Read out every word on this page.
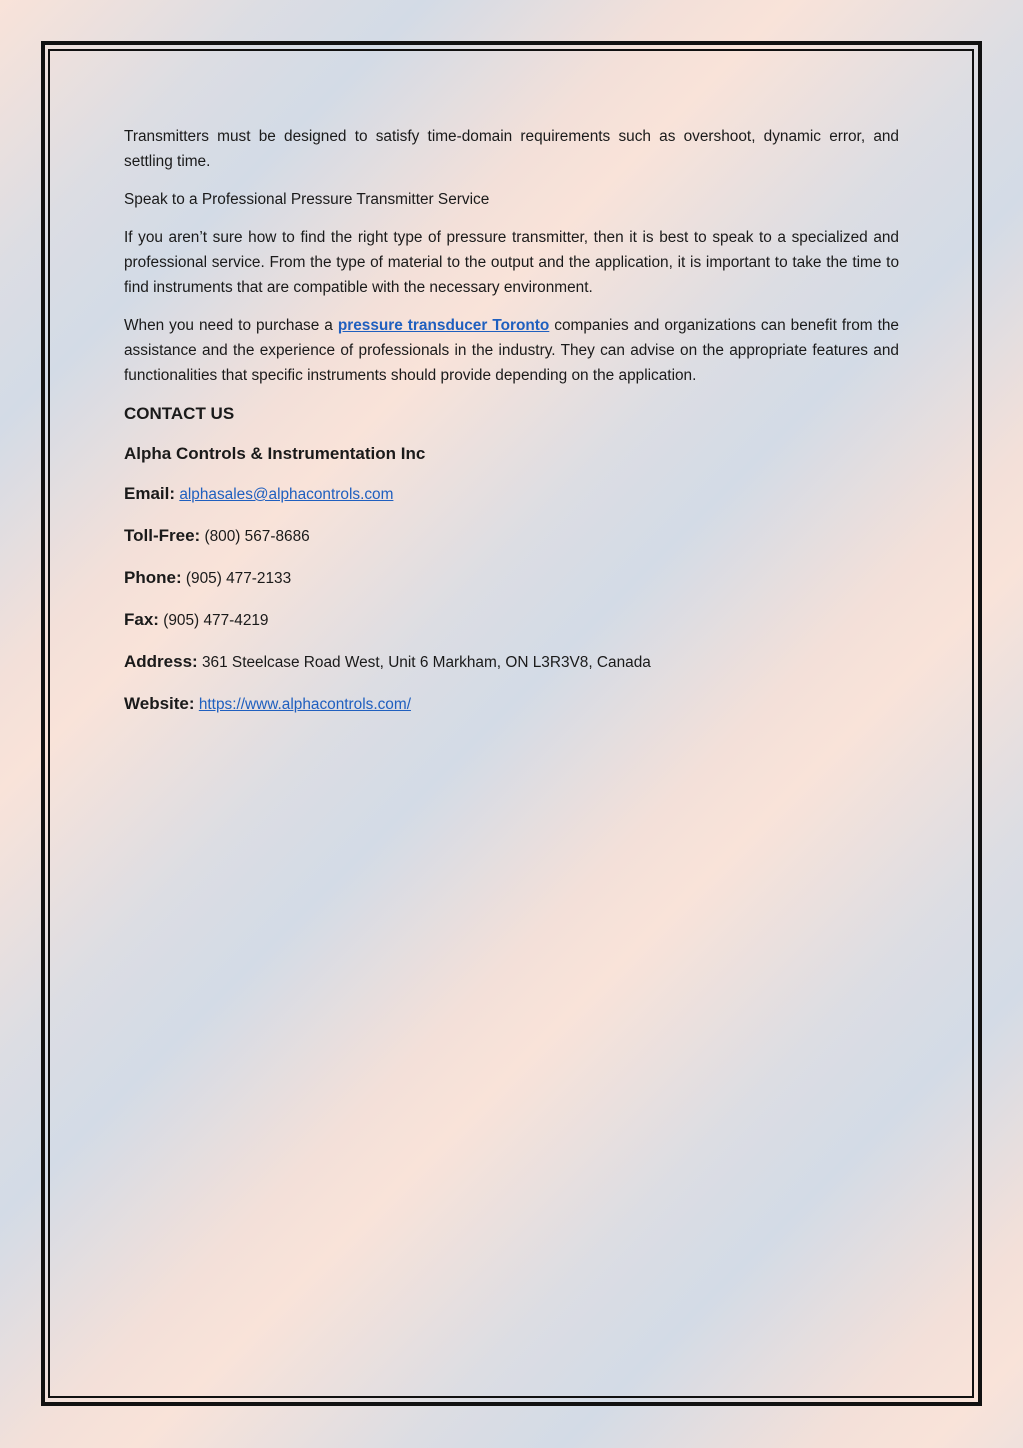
Transmitters must be designed to satisfy time-domain requirements such as overshoot, dynamic error, and settling time.

Speak to a Professional Pressure Transmitter Service

If you aren’t sure how to find the right type of pressure transmitter, then it is best to speak to a specialized and professional service. From the type of material to the output and the application, it is important to take the time to find instruments that are compatible with the necessary environment.

When you need to purchase a pressure transducer Toronto companies and organizations can benefit from the assistance and the experience of professionals in the industry. They can advise on the appropriate features and functionalities that specific instruments should provide depending on the application.

CONTACT US
Alpha Controls & Instrumentation Inc
Email: alphasales@alphacontrols.com
Toll-Free: (800) 567-8686
Phone: (905) 477-2133
Fax: (905) 477-4219
Address: 361 Steelcase Road West, Unit 6 Markham, ON L3R3V8, Canada
Website: https://www.alphacontrols.com/
